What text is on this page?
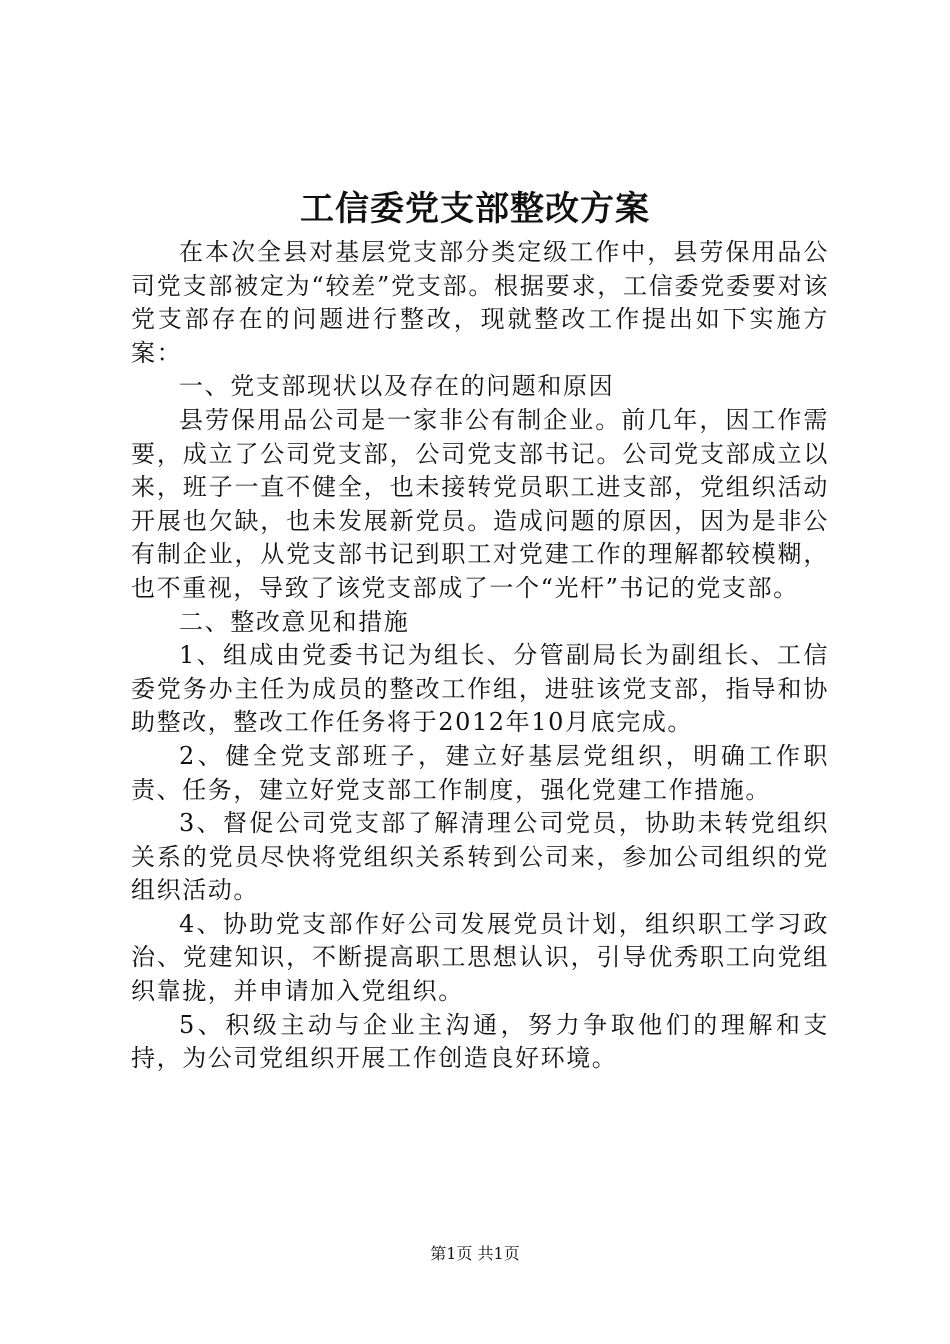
工信委党支部整改方案

在本次全县对基层党支部分类定级工作中，县劳保用品公司党支部被定为“较差”党支部。根据要求，工信委党委要对该党支部存在的问题进行整改，现就整改工作提出如下实施方案：

一、党支部现状以及存在的问题和原因

县劳保用品公司是一家非公有制企业。前几年，因工作需要，成立了公司党支部，公司党支部书记。公司党支部成立以来，班子一直不健全，也未接转党员职工进支部，党组织活动开展也欠缺，也未发展新党员。造成问题的原因，因为是非公有制企业，从党支部书记到职工对党建工作的理解都较模糊，也不重视，导致了该党支部成了一个“光杆”书记的党支部。

二、整改意见和措施

1、组成由党委书记为组长、分管副局长为副组长、工信委党务办主任为成员的整改工作组，进驻该党支部，指导和协助整改，整改工作任务将于2012年10月底完成。

2、健全党支部班子，建立好基层党组织，明确工作职责、任务，建立好党支部工作制度，强化党建工作措施。

3、督促公司党支部了解清理公司党员，协助未转党组织关系的党员尽快将党组织关系转到公司来，参加公司组织的党组织活动。

4、协助党支部作好公司发展党员计划，组织职工学习政治、党建知识，不断提高职工思想认识，引导优秀职工向党组织靠拢，并申请加入党组织。

5、积级主动与企业主沟通，努力争取他们的理解和支持，为公司党组织开展工作创造良好环境。

第1页 共1页
